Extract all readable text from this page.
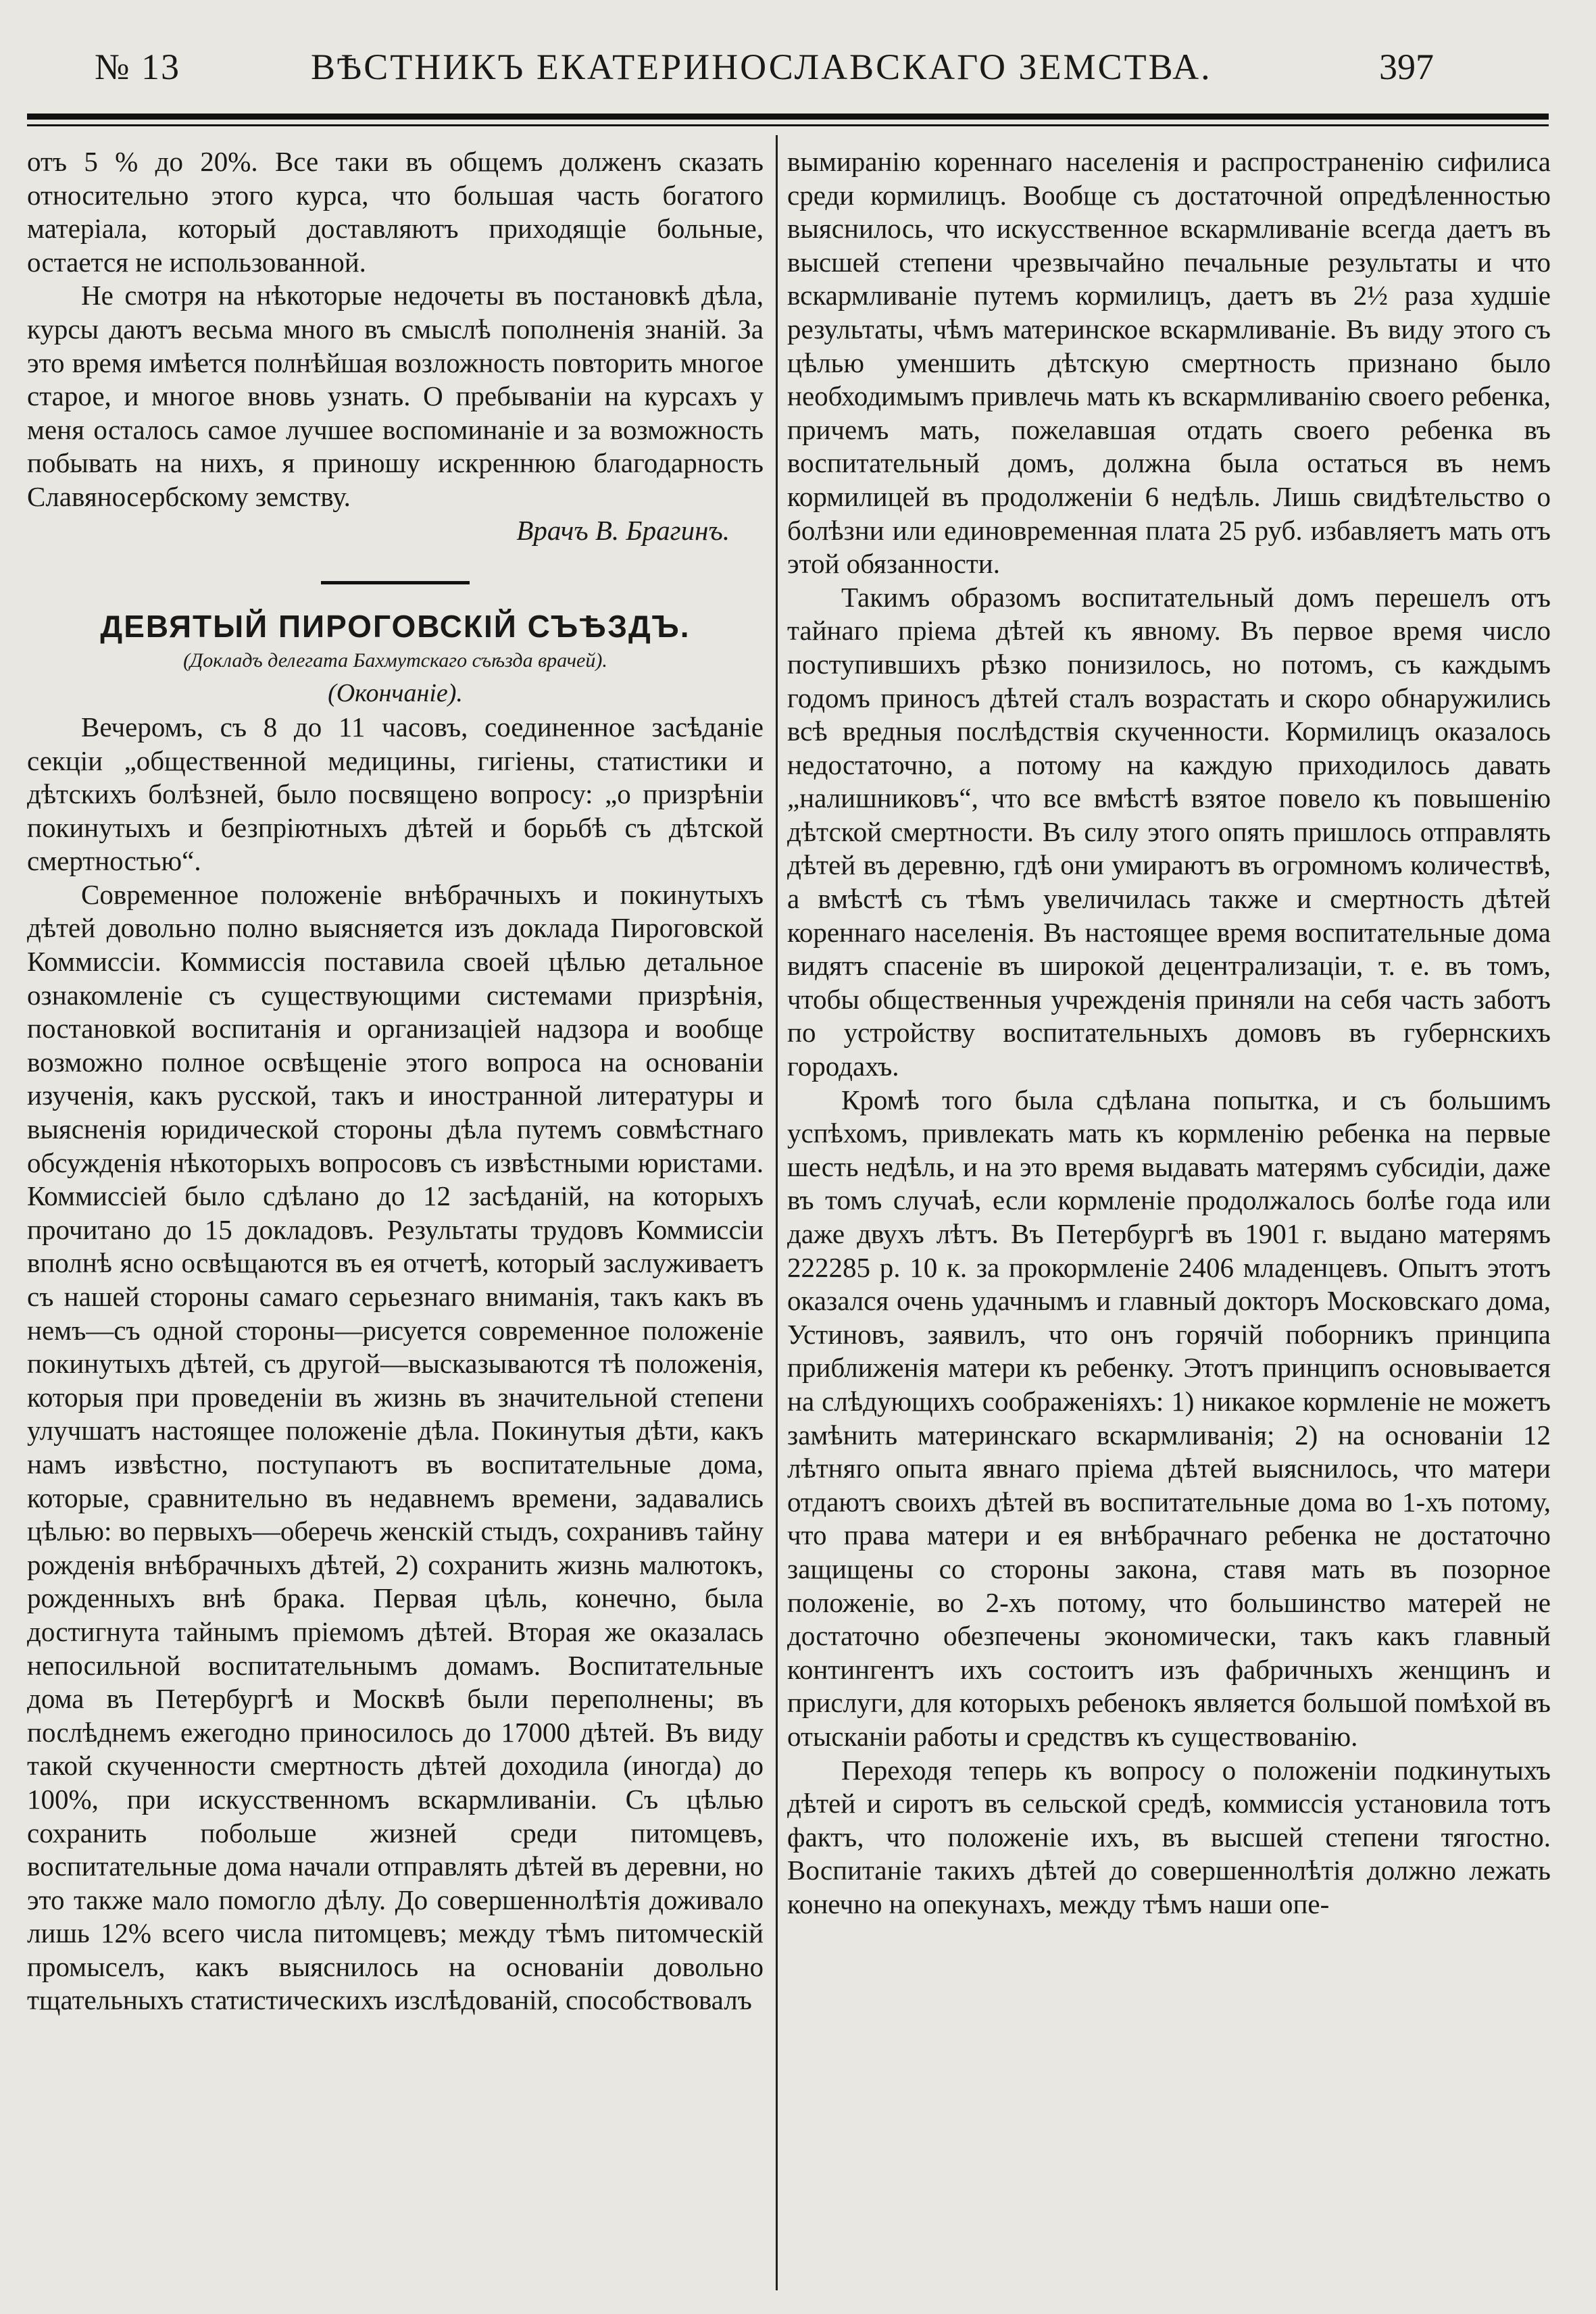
№ 13	ВѢСТНИКЪ ЕКАТЕРИНОСЛАВСКАГО ЗЕМСТВА.	397

отъ 5 % до 20%. Все таки въ общемъ долженъ сказать относительно этого курса, что большая часть богатого матеріала, который доставляютъ приходящіе больные, остается не использованной.

Не смотря на нѣкоторые недочеты въ постановкѣ дѣла, курсы даютъ весьма много въ смыслѣ пополненія знаній. За это время имѣется полнѣйшая возложность повторить многое старое, и многое вновь узнать. О пребываніи на курсахъ у меня осталось самое лучшее воспоминаніе и за возможность побывать на нихъ, я приношу искреннюю благодарность Славяносербскому земству.

Врачъ В. Брагинъ.

ДЕВЯТЫЙ ПИРОГОВСКІЙ СЪѢЗДЪ.

(Докладъ делегата Бахмутскаго съѣзда врачей).

(Окончаніе).

Вечеромъ, съ 8 до 11 часовъ, соединенное засѣданіе секціи „общественной медицины, гигіены, статистики и дѣтскихъ болѣзней, было посвящено вопросу: „о призрѣніи покинутыхъ и безпріютныхъ дѣтей и борьбѣ съ дѣтской смертностью“.

Современное положеніе внѣбрачныхъ и покинутыхъ дѣтей довольно полно выясняется изъ доклада Пироговской Коммиссіи. Коммиссія поставила своей цѣлью детальное ознакомленіе съ существующими системами призрѣнія, постановкой воспитанія и организаціей надзора и вообще возможно полное освѣщеніе этого вопроса на основаніи изученія, какъ русской, такъ и иностранной литературы и выясненія юридической стороны дѣла путемъ совмѣстнаго обсужденія нѣкоторыхъ вопросовъ съ извѣстными юристами. Коммиссіей было сдѣлано до 12 засѣданій, на которыхъ прочитано до 15 докладовъ. Результаты трудовъ Коммиссіи вполнѣ ясно освѣщаются въ ея отчетѣ, который заслуживаетъ съ нашей стороны самаго серьезнаго вниманія, такъ какъ въ немъ—съ одной стороны—рисуется современное положеніе покинутыхъ дѣтей, съ другой—высказываются тѣ положенія, которыя при проведеніи въ жизнь въ значительной степени улучшатъ настоящее положеніе дѣла. Покинутыя дѣти, какъ намъ извѣстно, поступаютъ въ воспитательные дома, которые, сравнительно въ недавнемъ времени, задавались цѣлью: во первыхъ—оберечь женскій стыдъ, сохранивъ тайну рожденія внѣбрачныхъ дѣтей, 2) сохранить жизнь малютокъ, рожденныхъ внѣ брака. Первая цѣль, конечно, была достигнута тайнымъ пріемомъ дѣтей. Вторая же оказалась непосильной воспитательнымъ домамъ. Воспитательные дома въ Петербургѣ и Москвѣ были переполнены; въ послѣднемъ ежегодно приносилось до 17000 дѣтей. Въ виду такой скученности смертность дѣтей доходила (иногда) до 100%, при искусственномъ вскармливаніи. Съ цѣлью сохранить побольше жизней среди питомцевъ, воспитательные дома начали отправлять дѣтей въ деревни, но это также мало помогло дѣлу. До совершеннолѣтія доживало лишь 12% всего числа питомцевъ; между тѣмъ питомческій промыселъ, какъ выяснилось на основаніи довольно тщательныхъ статистическихъ изслѣдованій, способствовалъ

вымиранію кореннаго населенія и распространенію сифилиса среди кормилицъ. Вообще съ достаточной опредѣленностью выяснилось, что искусственное вскармливаніе всегда даетъ въ высшей степени чрезвычайно печальные результаты и что вскармливаніе путемъ кормилицъ, даетъ въ 2½ раза худшіе результаты, чѣмъ материнское вскармливаніе. Въ виду этого съ цѣлью уменшить дѣтскую смертность признано было необходимымъ привлечь мать къ вскармливанію своего ребенка, причемъ мать, пожелавшая отдать своего ребенка въ воспитательный домъ, должна была остаться въ немъ кормилицей въ продолженіи 6 недѣль. Лишь свидѣтельство о болѣзни или единовременная плата 25 руб. избавляетъ мать отъ этой обязанности.

Такимъ образомъ воспитательный домъ перешелъ отъ тайнаго пріема дѣтей къ явному. Въ первое время число поступившихъ рѣзко понизилось, но потомъ, съ каждымъ годомъ приносъ дѣтей сталъ возрастать и скоро обнаружились всѣ вредныя послѣдствія скученности. Кормилицъ оказалось недостаточно, а потому на каждую приходилось давать „налишниковъ“, что все вмѣстѣ взятое повело къ повышенію дѣтской смертности. Въ силу этого опять пришлось отправлять дѣтей въ деревню, гдѣ они умираютъ въ огромномъ количествѣ, а вмѣстѣ съ тѣмъ увеличилась также и смертность дѣтей кореннаго населенія. Въ настоящее время воспитательные дома видятъ спасеніе въ широкой децентрализаціи, т. е. въ томъ, чтобы общественныя учрежденія приняли на себя часть заботъ по устройству воспитательныхъ домовъ въ губернскихъ городахъ.

Кромѣ того была сдѣлана попытка, и съ большимъ успѣхомъ, привлекать мать къ кормленію ребенка на первые шесть недѣль, и на это время выдавать матерямъ субсидіи, даже въ томъ случаѣ, если кормленіе продолжалось болѣе года или даже двухъ лѣтъ. Въ Петербургѣ въ 1901 г. выдано матерямъ 222285 р. 10 к. за прокормленіе 2406 младенцевъ. Опытъ этотъ оказался очень удачнымъ и главный докторъ Московскаго дома, Устиновъ, заявилъ, что онъ горячій поборникъ принципа приближенія матери къ ребенку. Этотъ принципъ основывается на слѣдующихъ соображеніяхъ: 1) никакое кормленіе не можетъ замѣнить материнскаго вскармливанія; 2) на основаніи 12 лѣтняго опыта явнаго пріема дѣтей выяснилось, что матери отдаютъ своихъ дѣтей въ воспитательные дома во 1-хъ потому, что права матери и ея внѣбрачнаго ребенка не достаточно защищены со стороны закона, ставя мать въ позорное положеніе, во 2-хъ потому, что большинство матерей не достаточно обезпечены экономически, такъ какъ главный контингентъ ихъ состоитъ изъ фабричныхъ женщинъ и прислуги, для которыхъ ребенокъ является большой помѣхой въ отысканіи работы и средствъ къ существованію.

Переходя теперь къ вопросу о положеніи подкинутыхъ дѣтей и сиротъ въ сельской средѣ, коммиссія установила тотъ фактъ, что положеніе ихъ, въ высшей степени тягостно. Воспитаніе такихъ дѣтей до совершеннолѣтія должно лежать конечно на опекунахъ, между тѣмъ наши опе-
